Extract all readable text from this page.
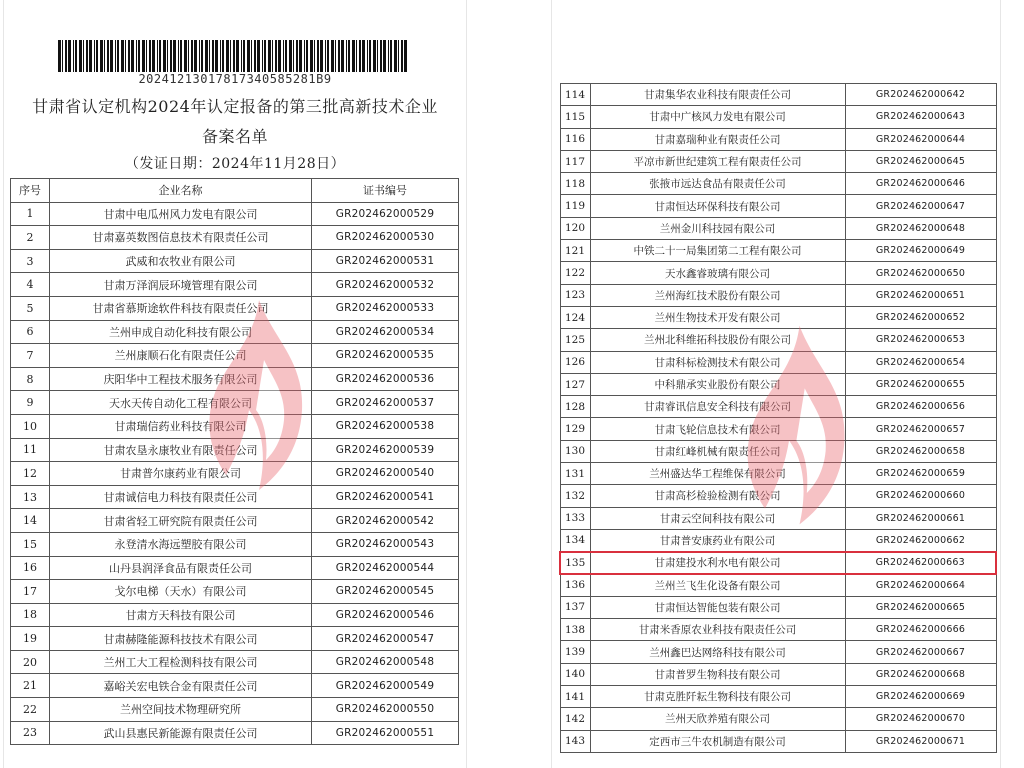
20241213017817340585281B9
甘肃省认定机构2024年认定报备的第三批高新技术企业
备案名单
（发证日期：2024年11月28日）
序号	企业名称	证书编号
1	甘肃中电瓜州风力发电有限公司	GR202462000529
2	甘肃嘉英数图信息技术有限责任公司	GR202462000530
3	武威和农牧业有限公司	GR202462000531
4	甘肃万泽润辰环境管理有限公司	GR202462000532
5	甘肃省慕斯途软件科技有限责任公司	GR202462000533
6	兰州申成自动化科技有限公司	GR202462000534
7	兰州康顺石化有限责任公司	GR202462000535
8	庆阳华中工程技术服务有限公司	GR202462000536
9	天水天传自动化工程有限公司	GR202462000537
10	甘肃瑞信药业科技有限公司	GR202462000538
11	甘肃农垦永康牧业有限责任公司	GR202462000539
12	甘肃普尔康药业有限公司	GR202462000540
13	甘肃诚信电力科技有限责任公司	GR202462000541
14	甘肃省轻工研究院有限责任公司	GR202462000542
15	永登清水海远塑胶有限公司	GR202462000543
16	山丹县润泽食品有限责任公司	GR202462000544
17	戈尔电梯（天水）有限公司	GR202462000545
18	甘肃方天科技有限公司	GR202462000546
19	甘肃赫隆能源科技技术有限公司	GR202462000547
20	兰州工大工程检测科技有限公司	GR202462000548
21	嘉峪关宏电铁合金有限责任公司	GR202462000549
22	兰州空间技术物理研究所	GR202462000550
23	武山县惠民新能源有限责任公司	GR202462000551
114	甘肃集华农业科技有限责任公司	GR202462000642
115	甘肃中广核风力发电有限公司	GR202462000643
116	甘肃嘉瑞种业有限责任公司	GR202462000644
117	平凉市新世纪建筑工程有限责任公司	GR202462000645
118	张掖市远达食品有限责任公司	GR202462000646
119	甘肃恒达环保科技有限公司	GR202462000647
120	兰州金川科技园有限公司	GR202462000648
121	中铁二十一局集团第二工程有限公司	GR202462000649
122	天水鑫睿玻璃有限公司	GR202462000650
123	兰州海红技术股份有限公司	GR202462000651
124	兰州生物技术开发有限公司	GR202462000652
125	兰州北科维拓科技股份有限公司	GR202462000653
126	甘肃科标检测技术有限公司	GR202462000654
127	中科鼎承实业股份有限公司	GR202462000655
128	甘肃睿讯信息安全科技有限公司	GR202462000656
129	甘肃飞轮信息技术有限公司	GR202462000657
130	甘肃红峰机械有限责任公司	GR202462000658
131	兰州盛达华工程维保有限公司	GR202462000659
132	甘肃高杉检验检测有限公司	GR202462000660
133	甘肃云空间科技有限公司	GR202462000661
134	甘肃普安康药业有限公司	GR202462000662
135	甘肃建投水利水电有限公司	GR202462000663
136	兰州兰飞生化设备有限公司	GR202462000664
137	甘肃恒达智能包装有限公司	GR202462000665
138	甘肃米香原农业科技有限责任公司	GR202462000666
139	兰州鑫巴达网络科技有限公司	GR202462000667
140	甘肃普罗生物科技有限公司	GR202462000668
141	甘肃克胜阡耘生物科技有限公司	GR202462000669
142	兰州天欣养殖有限公司	GR202462000670
143	定西市三牛农机制造有限公司	GR202462000671
